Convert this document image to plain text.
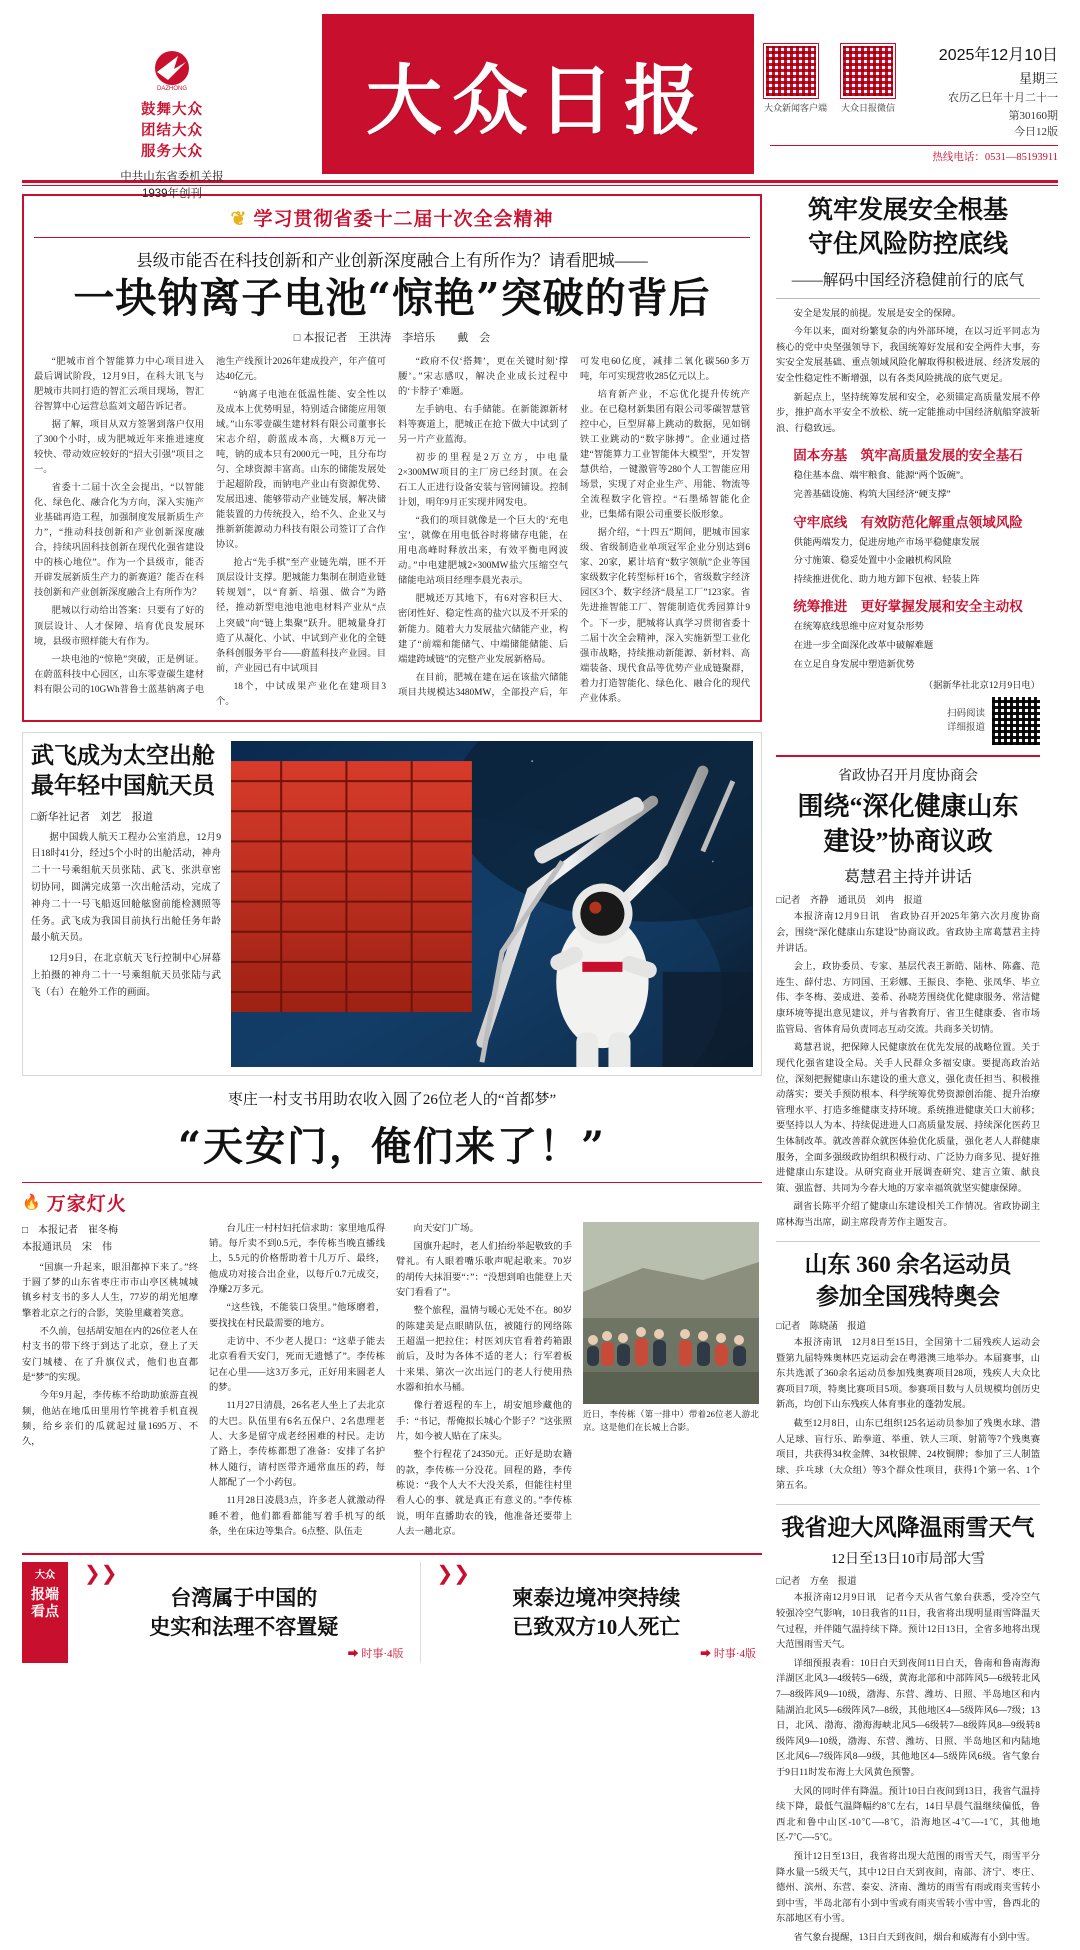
DAZHONG
鼓舞大众
团结大众
服务大众
中共山东省委机关报
1939年创刊
大众日报	大众新闻客户端 大众日报微信
2025年12月10日
星期三
农历乙巳年十月二十一
第30160期
今日12版
热线电话：0531—85193911
❦ 学习贯彻省委十二届十次全会精神
县级市能否在科技创新和产业创新深度融合上有所作为？请看肥城——
一块钠离子电池“惊艳”突破的背后
□ 本报记者　王洪涛　李培乐　　戴　会

“肥城市首个智能算力中心项目进入最后调试阶段，12月9日，在科大讯飞与肥城市共同打造的智汇云项目现场，智汇谷智算中心运营总监刘文超告诉记者。

据了解，项目从双方签署到落户仅用了300个小时，成为肥城近年来推进速度较快、带动效应较好的“招大引强”项目之一。

省委十二届十次全会提出，“以智能化、绿色化、融合化为方向，深入实施产业基础再造工程，加强制度发展新质生产力”，“推动科技创新和产业创新深度融合，持续巩固科技创新在现代化强省建设中的核心地位”。作为一个县级市，能否开辟发展新质生产力的新赛道？能否在科技创新和产业创新深度融合上有所作为？

肥城以行动给出答案：只要有了好的顶层设计、人才保障、培育优良发展环境，县级市照样能大有作为。

一块电池的“惊艳”突破，正是例证。在蔚蓝科技中心园区，山东零壹碳生建材料有限公司的10GWh普鲁士蓝基钠离子电池生产线预计2026年建成投产，年产值可达40亿元。

“钠离子电池在低温性能、安全性以及成本上优势明显，特别适合储能应用领域。”山东零壹碳生建材料有限公司董事长宋志介绍，蔚蓝成本高，大概8万元一吨，钠的成本只有2000元一吨，且分布均匀、全球资源丰富高。山东的储能发展处于起超阶段，而钠电产业山有资源优势、发展迅速、能够带动产业链发展，解决储能装置的力传统投入，给不久、企业又与推新新能源动力科技有限公司签订了合作协议。

抢占“先手棋”至产业链先端，匪不开顶层设计支撑。肥城能力集制在制造业链转规划”，以“育新、培强、做合”为路径，推动新型电池电池电材料产业从“点上突破”向“链上集聚”跃升。肥城量身打造了从凝化、小试、中试到产业化的全链条科创服务平台——蔚蓝科技产业园。目前，产业园已有中试项目

18个，中试成果产业化在建项目3个。

“政府不仅‘搭舞’，更在关键时刻‘撑腰’。”宋志感叹，解决企业成长过程中的‘卡脖子’难题。

左手钠电、右手储能。在新能源新材料等赛道上，肥城正在抢下做大中试到了另一片产业蓝海。

初步的里程是2万立方，中电量2×300MW项目的主厂房已经封顶。在会石工人正进行设备安装与管网铺设。控制计划，明年9月正实现并网发电。

“我们的项目就像是一个巨大的‘充电宝’，就像在用电低谷时将储存电能，在用电高峰时释放出来，有效平衡电网波动。”中电建肥城2×300MW盐穴压缩空气储能电站项目经理李晨光表示。

肥城还万其地下，有6对容积巨大、密闭性好、稳定性高的盐穴以及不开采的新能力。随着大力发展盐穴储能产业，构建了“前端和能储气、中端储能储能、后端建跨域链”的完整产业发展新格局。

在目前，肥城在建在运在该盐穴储能项目共规模达3480MW，全部投产后，年可发电60亿度，减排二氧化碳560多万吨，年可实现营收285亿元以上。

培育新产业，不忘优化提升传统产业。在已稳材新集团有限公司零碳智慧管控中心，巨型屏幕上跳动的数据，见如钢铁工业跳动的“数字脉搏”。企业通过搭建“智能算力工业智能体大模型”，开发智慧供给，一键激管等280个人工智能应用场景，实现了对企业生产、用能、物流等全流程数字化管控。“石墨烯智能化企业，已集烯有限公司重要长版形象。

据介绍，“十四五”期间，肥城市国家级、省级制造业单项冠军企业分别达到6家、20家，累计培育“数字领航”企业等国家级数字化转型标杆16个，省级数字经济园区3个、数字经济“晨星工厂”123家。省先进推智能工厂、智能制造优秀园算计9个。下一步，肥城将认真学习贯彻省委十二届十次全会精神，深入实施新型工业化强市战略，持续推动新能源、新材料、高端装备、现代食品等优势产业成链聚群，着力打造智能化、绿色化、融合化的现代产业体系。

武飞成为太空出舱
最年轻中国航天员
□新华社记者　刘艺　报道

据中国载人航天工程办公室消息，12月9日18时41分，经过5个小时的出舱活动，神舟二十一号乘组航天员张陆、武飞、张洪章密切协同，圆满完成第一次出舱活动，完成了神舟二十一号飞船返回舱舷窗前能检测照等任务。武飞成为我国目前执行出舱任务年龄最小航天员。

12月9日，在北京航天飞行控制中心屏幕上拍摄的神舟二十一号乘组航天员张陆与武飞（右）在舱外工作的画面。

枣庄一村支书用助农收入圆了26位老人的“首都梦”
“天安门，俺们来了！”
🔥 万家灯火
□　本报记者　崔冬梅
本报通讯员　宋　伟

“国旗一升起来，眼泪都掉下来了。”终于圆了梦的山东省枣庄市市山亭区桃城城镇乡村支书的多人人生，77岁的胡光旭摩擎着北京之行的合影，笑脸里藏着笑意。

不久前，包括胡安旭在内的26位老人在村支书的带下终于到达了北京，登上了天安门城楼、在了升旗仪式，他们也直都是“梦”的实现。

今年9月起，李传栋不给助助旅游直视频，他站在地瓜田里用竹竿挑着手机直视频，给乡亲们的瓜就起过量1695万、不久，

台儿庄一村村妇托信求助：家里地瓜得销。每斤卖不到0.5元，李传栋当晚直播线上，5.5元的价格帮助着十几万斤、最终，他成功对接合出企业，以每斤0.7元成交，净赚2万多元。

“这些钱，不能装口袋里。”他琢磨着，要找找在村民最需要的地方。

走访中、不少老人提口：“这辈子能去北京看看天安门，死而无遗憾了”。李传栋记在心里——这3万多元，正好用来圆老人的梦。

11月27日清晨，26名老人坐上了去北京的大巴。队伍里有6名五保户、2名患理老人、大多是留守成老经困难的村民。走访了路上，李传栋都想了准备：安排了名护林人随行，请村医带齐通常血压的药，每人都配了一个小药包。

11月28日凌晨3点，许多老人就激动得睡不着，他们都看都能写着手机写的纸条，坐在床边等集合。6点整、队伍走

向天安门广场。

国旗升起时，老人们抬纷举起敬致的手臂礼。有人眼着嘴乐歌声呢起歌来。70岁的胡传大抹泪要“：”：“没想到咱也能登上天安门看看了”。

整个旅程，温情与暖心无处不在。80岁的陈建美是点眼睛队伍，被随行的网络陈王超温一把拉住；村医刘庆官看着药箱跟前后，及时为各体不适的老人；行军着板十来果、第次一次出远门的老人行使用热水器和拍水马桶。

像行着返程的车上，胡安旭珍藏他的手：“书记，帮俺拟长城心个影子？”这张照片，如今被人贴在了床头。

整个行程花了24350元。正好是助农籍的款，李传栋一分没花。回程的路，李传栋说：“我个人大不大没关系，但能往村里看人心的事、就是真正有意义的。”李传栋说，明年直播助农的钱，他准备还要带上人去一趟北京。

近日，李传栋（第一排中）带着26位老人游北京。这是他们在长城上合影。
大众
报端
看点
❯❯
台湾属于中国的
史实和法理不容置疑
➡ 时事·4版
❯❯
柬泰边境冲突持续
已致双方10人死亡
➡ 时事·4版
筑牢发展安全根基
守住风险防控底线
——解码中国经济稳健前行的底气

安全是发展的前提。发展是安全的保障。

今年以来，面对纷繁复杂的内外部环境，在以习近平同志为核心的党中央坚强领导下，我国统筹好发展和安全两件大事，夯实安全发展基础、重点领域风险化解取得积极进展、经济发展的安全性稳定性不断增强，以有各类风险挑战的底气更足。

新起点上，坚持统筹发展和安全，必须锚定高质量发展不停步，推护高水平安全不放松、统一定能推动中国经济航船穿波斩浪、行稳致远。

固本夯基　筑牢高质量发展的安全基石

稳住基本盘、端牢粮食、能源“两个饭碗”。

完善基础设施、构筑大国经济“硬支撑”

守牢底线　有效防范化解重点领域风险

供能两端发力，促进房地产市场平稳健康发展

分寸施策、稳妥处置中小金融机构风险

持续推进优化、助力地方卸下包袱、轻装上阵

统筹推进　更好掌握发展和安全主动权

在统筹底线思维中应对复杂形势

在进一步全面深化改革中破解难题

在立足自身发展中塑造新优势

（据新华社北京12月9日电）
扫码阅读
详细报道
省政协召开月度协商会
围绕“深化健康山东
建设”协商议政
葛慧君主持并讲话
□记者　齐静　通讯员　刘冉　报道

本报济南12月9日讯　省政协召开2025年第六次月度协商会，围绕“深化健康山东建设”协商议政。省政协主席葛慧君主持并讲话。

会上，政协委员、专家、基层代表王新皓、陆林、陈鑫、范连生、薛付忠、方同国、王彩娜、王振良、李艳、张凤华、毕立伟、李冬梅、姜成进、姜希、孙晓芳围绕优化健康服务、常洁健康环境等提出意见建议，并与省教育厅、省卫生健康委、省市场监管局、省体育局负责同志互动交流。共商多关切情。

葛慧君说，把保障人民健康放在优先发展的战略位置。关于现代化强省建设全局。关手人民群众多福安康。要提高政治站位，深刻把握健康山东建设的重大意义，强化责任担当、积极推动落实；要关手预防根本、科学统筹优势资源创治能、提升治療管理水平、打造多维健康支持环境。系统推进健康关口大前移；要坚持以人为本、持续促进进人口高质量发展、持续深化医药卫生体制改革。就改善群众就医体验优化质量，强化老人人群健康服务，全面多强级政协组织积极行动、广泛协力商多见、提好推进健康山东建设。从研究商业开展调查研究、建言立策、献良策、强监督、共同为今春大地的万家幸福筑就坚实健康保障。

副省长陈平介绍了健康山东建设相关工作情况。省政协副主席林海当出席，副主席段青芳作主题发言。

山东 360 余名运动员
参加全国残特奥会
□记者　陈晓菡　报道

本报济南讯　12月8日至15日，全国第十二届残疾人运动会暨第九届特殊奥林匹克运动会在粤港澳三地举办。本届赛事，山东共选派了360余名运动员参加残奥赛项目28项，残疾人大众比赛项目7项，特奥比赛项目5项。参赛项目数与人员规模均创历史新高，均创下山东残疾人体育事业的蓬勃发展。

截至12月8日，山东已组织125名运动员参加了残奥水球、潜人足球、盲行乐、跆拳道、举重、铁人三项、射箭等7个残奥赛项目，共获得34枚金牌、34枚银牌、24枚铜牌；参加了三人制篮球、乒乓球（大众组）等3个群众性项目，获得1个第一名、1个第五名。

我省迎大风降温雨雪天气
12日至13日10市局部大雪
□记者　方垒　报道

本报济南12月9日讯　记者今天从省气象台获悉，受冷空气较强冷空气影响，10日我省的11日，我省将出现明显雨雪降温天气过程，并伴随气温持续下降。预计12日13日，全省多地将出现大范围雨雪天气。

详细预报表看：10日白天到夜间11日白天，鲁南和鲁南海海洋湖区北风3—4级转5—6级，黄海北部和中部阵风5—6级转北风7—8级阵风9—10级，渤海、东营、潍坊、日照、半岛地区和内陆湖泊北风5—6级阵风7—8级，其他地区4—5级阵风6—7级；13日，北风、渤海、渤海海峡北风5—6级转7—8级阵风8—9级转8级阵风9—10级，渤海、东营、潍坊、日照、半岛地区和内陆地区北风6—7级阵风8—9级，其他地区4—5级阵风6级。省气象台于9日11时发布海上大风黄色预警。

大风的同时伴有降温。预计10日白夜间到13日，我省气温持续下降，最低气温降幅约8℃左右，14日早晨气温继续偏低，鲁西北和鲁中山区-10℃—-8℃，沿海地区-4℃—-1℃，其他地区-7℃—-5℃。

预计12日至13日，我省将出现大范围的雨雪天气，雨雪平分降水量一5级天气，其中12日白天到夜间，南部、济宁、枣庄、德州、滨州、东营、泰安、济南、潍坊的雨雪有雨或雨夹雪转小到中雪，半岛北部有小到中雪或有雨夹雪转小雪中雪，鲁西北的东部地区有小雪。

省气象台提醒，13日白天到夜间，烟台和威海有小到中雪。
